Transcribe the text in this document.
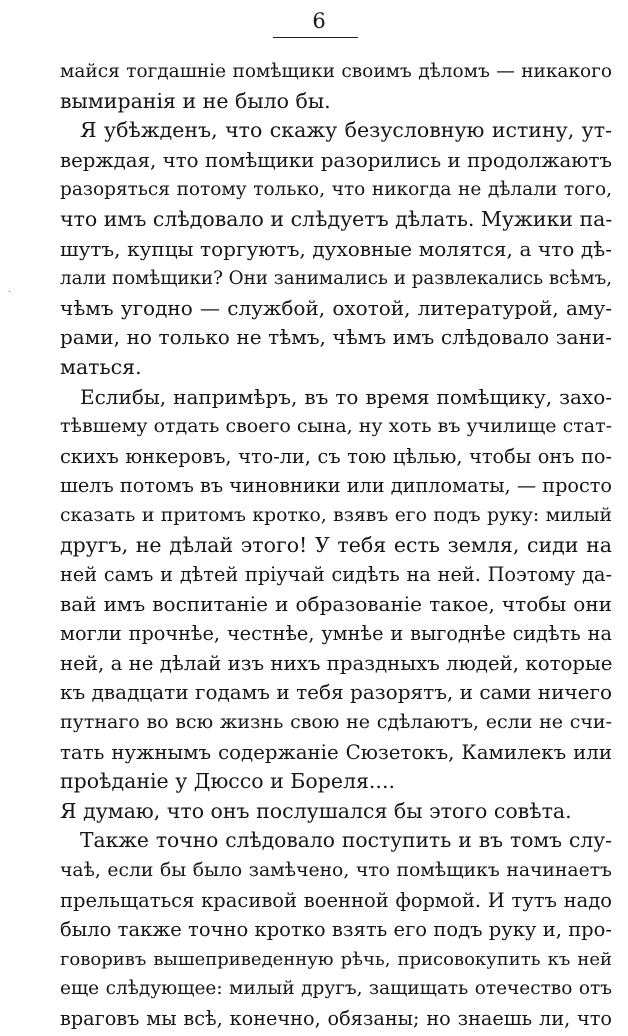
6
·
майся тогдашніе помѣщики своимъ дѣломъ — никакого
вымиранія и не было бы.
Я убѣжденъ, что скажу безусловную истину, ут-
верждая, что помѣщики разорились и продолжаютъ
разоряться потому только, что никогда не дѣлали того,
что имъ слѣдовало и слѣдуетъ дѣлать. Мужики па-
шутъ, купцы торгуютъ, духовные молятся, а что дѣ-
лали помѣщики? Они занимались и развлекались всѣмъ,
чѣмъ угодно — службой, охотой, литературой, аму-
рами, но только не тѣмъ, чѣмъ имъ слѣдовало зани-
маться.
Еслибы, напримѣръ, въ то время помѣщику, захо-
тѣвшему отдать своего сына, ну хоть въ училище стат-
скихъ юнкеровъ, что-ли, съ тою цѣлью, чтобы онъ по-
шелъ потомъ въ чиновники или дипломаты, — просто
сказать и притомъ кротко, взявъ его подъ руку: милый
другъ, не дѣлай этого! У тебя есть земля, сиди на
ней самъ и дѣтей пріучай сидѣть на ней. Поэтому да-
вай имъ воспитаніе и образованіе такое, чтобы они
могли прочнѣе, честнѣе, умнѣе и выгоднѣе сидѣть на
ней, а не дѣлай изъ нихъ праздныхъ людей, которые
къ двадцати годамъ и тебя разорятъ, и сами ничего
путнаго во всю жизнь свою не сдѣлаютъ, если не счи-
тать нужнымъ содержаніе Сюзетокъ, Камилекъ или
проѣданіе у Дюссо и Бореля....
Я думаю, что онъ послушался бы этого совѣта.
Также точно слѣдовало поступить и въ томъ слу-
чаѣ, если бы было замѣчено, что помѣщикъ начинаетъ
прельщаться красивой военной формой. И тутъ надо
было также точно кротко взять его подъ руку и, про-
говоривъ вышеприведенную рѣчь, присовокупить къ ней
еще слѣдующее: милый другъ, защищать отечество отъ
враговъ мы всѣ, конечно, обязаны; но знаешь ли, что
